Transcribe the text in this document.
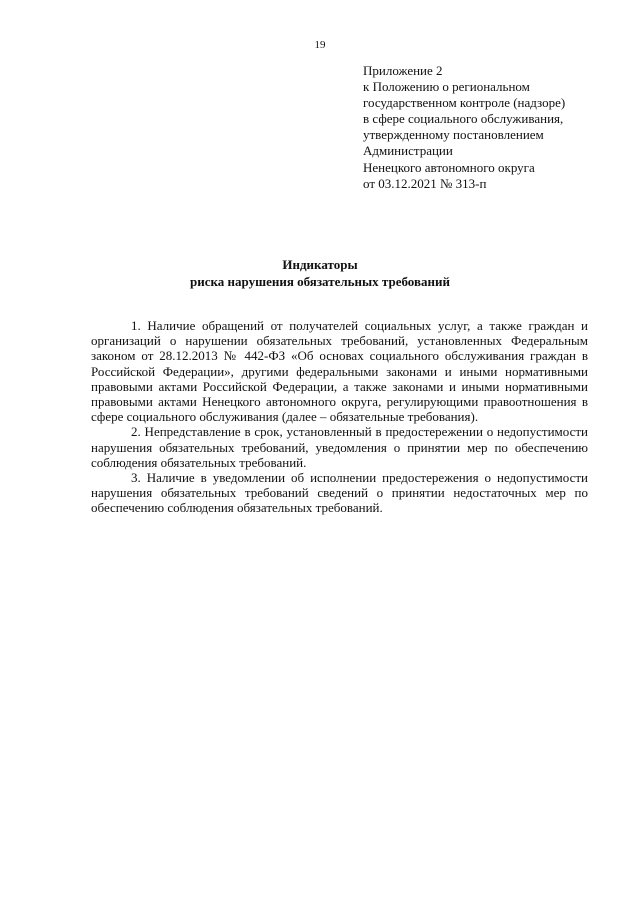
19
Приложение 2
к Положению о региональном
государственном контроле (надзоре)
в сфере социального обслуживания,
утвержденному постановлением
Администрации
Ненецкого автономного округа
от 03.12.2021 № 313-п
Индикаторы
риска нарушения обязательных требований

1. Наличие обращений от получателей социальных услуг, а также граждан и организаций о нарушении обязательных требований, установленных Федеральным законом от 28.12.2013 № 442-ФЗ «Об основах социального обслуживания граждан в Российской Федерации», другими федеральными законами и иными нормативными правовыми актами Российской Федерации, а также законами и иными нормативными правовыми актами Ненецкого автономного округа, регулирующими правоотношения в сфере социального обслуживания (далее – обязательные требования).

2. Непредставление в срок, установленный в предостережении о недопустимости нарушения обязательных требований, уведомления о принятии мер по обеспечению соблюдения обязательных требований.

3. Наличие в уведомлении об исполнении предостережения о недопустимости нарушения обязательных требований сведений о принятии недостаточных мер по обеспечению соблюдения обязательных требований.
